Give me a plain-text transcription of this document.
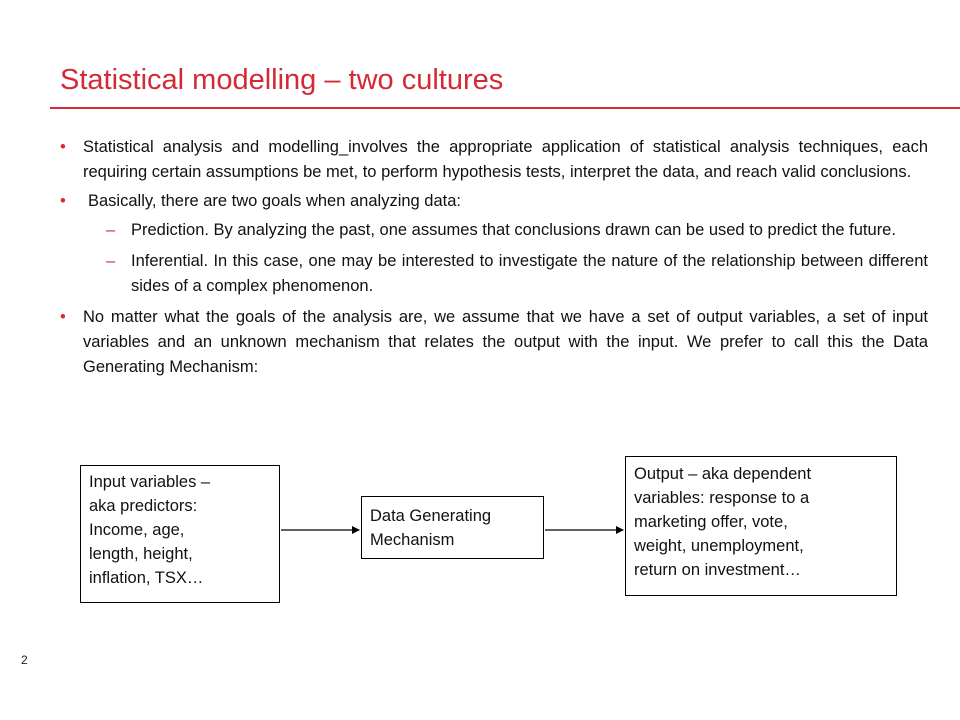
Statistical modelling – two cultures
• Statistical analysis and modelling_involves the appropriate application of statistical analysis techniques, each requiring certain assumptions be met, to perform hypothesis tests, interpret the data, and reach valid conclusions.
• Basically, there are two goals when analyzing data:
– Prediction. By analyzing the past, one assumes that conclusions drawn can be used to predict the future.
– Inferential. In this case, one may be interested to investigate the nature of the relationship between different sides of a complex phenomenon.
• No matter what the goals of the analysis are, we assume that we have a set of output variables, a set of input variables and an unknown mechanism that relates the output with the input. We prefer to call this the Data Generating Mechanism:
Input variables –
aka predictors:
Income, age,
length, height,
inflation, TSX…
Data Generating
Mechanism
Output – aka dependent
variables: response to a
marketing offer, vote,
weight, unemployment,
return on investment…
2
